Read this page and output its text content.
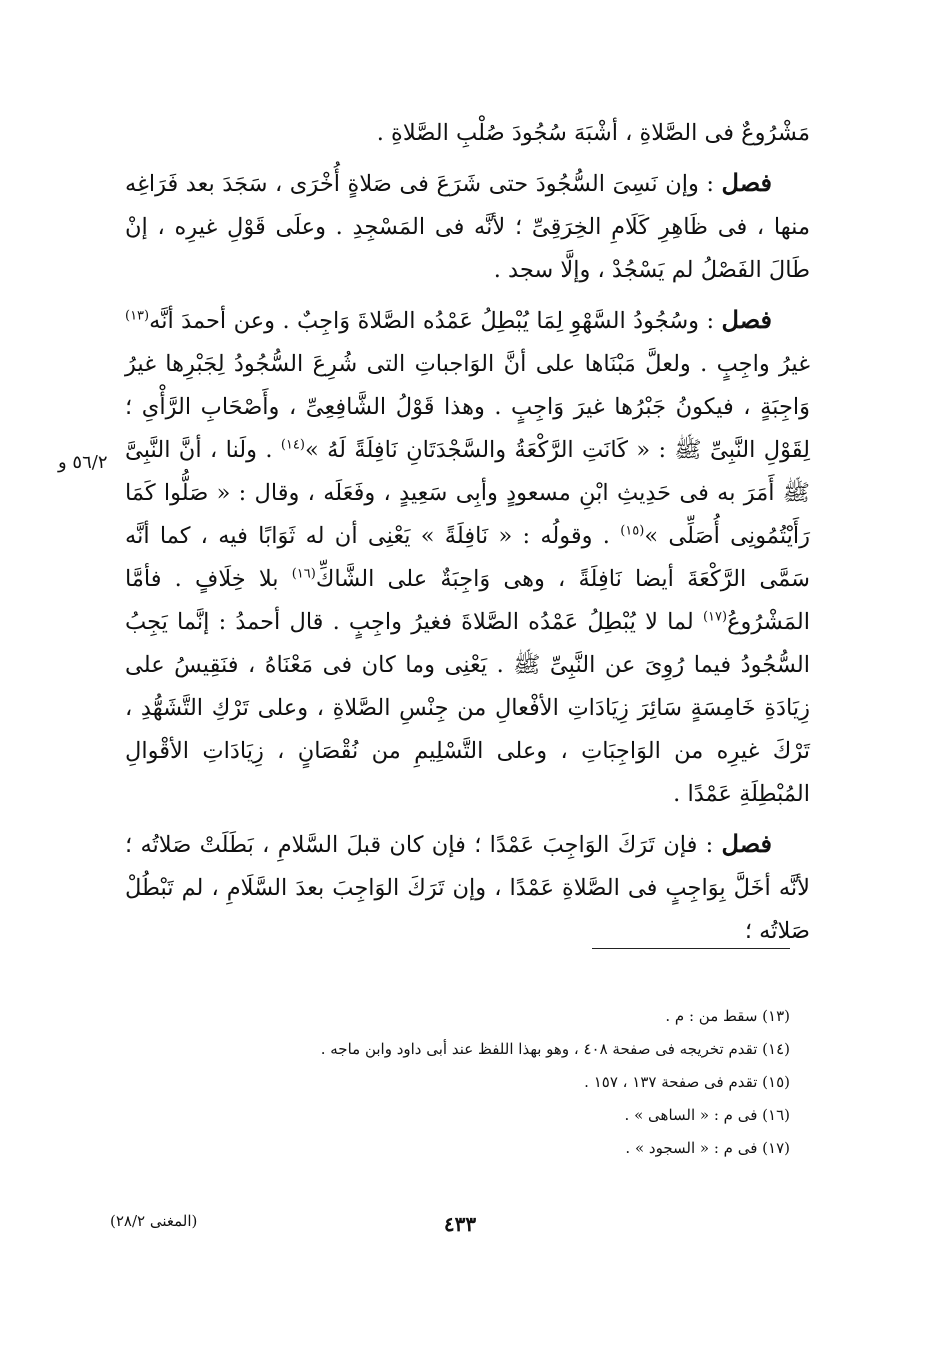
مَشْرُوعٌ فى الصَّلاةِ ، أشْبَهَ سُجُودَ صُلْبِ الصَّلاةِ .

فصل : وإن نَسِىَ السُّجُودَ حتى شَرَعَ فى صَلاةٍ أُخْرَى ، سَجَدَ بعد فَرَاغِه منها ، فى ظَاهِرِ كَلَامِ الخِرَقِىِّ ؛ لأنَّه فى المَسْجِدِ . وعلَى قَوْلِ غيرِه ، إنْ طَالَ الفَصْلُ لم يَسْجُدْ ، وإلَّا سجد .

فصل : وسُجُودُ السَّهْوِ لِمَا يُبْطِلُ عَمْدُه الصَّلاةَ وَاجِبٌ . وعن أحمدَ أنَّه$^{(١٣)}$ غيرُ واجِبٍ . ولعلَّ مَبْنَاها على أنَّ الوَاجباتِ التى شُرِعَ السُّجُودُ لِجَبْرِها غيرُ وَاجِبَةٍ ، فيكونُ جَبْرُها غيرَ وَاجِبٍ . وهذا قَوْلُ الشَّافِعِىِّ ، وأَصْحَابِ الرَّأْىِ ؛ لِقَوْلِ النَّبِىِّ ﷺ : « كَانَتِ الرَّكْعَةُ والسَّجْدَتَانِ نَافِلَةً لَهُ »$^{(١٤)}$ . ولَنا ، أنَّ النَّبِىَّ ﷺ أَمَرَ به فى حَدِيثِ ابْنِ مسعودٍ وأبِى سَعِيدٍ ، وفَعَلَه ، وقال : « صَلُّوا كَمَا رَأَيْتُمُونِى أُصَلِّى »$^{(١٥)}$ . وقولُه : « نَافِلَةً » يَعْنِى أن له ثَوَابًا فيه ، كما أنَّه سَمَّى الرَّكْعَةَ أيضا نَافِلَةً ، وهى وَاجِبَةٌ على الشَّاكِّ$^{(١٦)}$ بلا خِلَافٍ . فأمَّا المَشْرُوعُ$^{(١٧)}$ لما لا يُبْطِلُ عَمْدُه الصَّلاةَ فغيرُ واجِبٍ . قال أحمدُ : إنَّما يَجِبُ السُّجُودُ فيما رُوِىَ عن النَّبِىِّ ﷺ . يَعْنِى وما كان فى مَعْنَاهُ ، فنَقِيسُ على زِيَادَةِ خَامِسَةٍ سَائِرَ زِيَادَاتِ الأفْعالِ من جِنْسِ الصَّلاةِ ، وعلى تَرْكِ التَّشَهُّدِ ، تَرْكَ غيرِه من الوَاجِبَاتِ ، وعلى التَّسْلِيمِ من نُقْصَانٍ ، زِيَادَاتِ الأقْوالِ المُبْطِلَةِ عَمْدًا .

فصل : فإن تَرَكَ الوَاجِبَ عَمْدًا ؛ فإن كان قبلَ السَّلامِ ، بَطَلَتْ صَلاتُه ؛ لأنَّه أخَلَّ بِوَاجِبٍ فى الصَّلاةِ عَمْدًا ، وإن تَرَكَ الوَاجِبَ بعدَ السَّلَامِ ، لم تَبْطُلْ صَلاتُه ؛

٥٦/٢ و

(١٣) سقط من : م .

(١٤) تقدم تخريجه فى صفحة ٤٠٨ ، وهو بهذا اللفظ عند أبى داود وابن ماجه .

(١٥) تقدم فى صفحة ١٣٧ ، ١٥٧ .

(١٦) فى م : « الساهى » .

(١٧) فى م : « السجود » .

٤٣٣
(المغنى ٢٨/٢)
